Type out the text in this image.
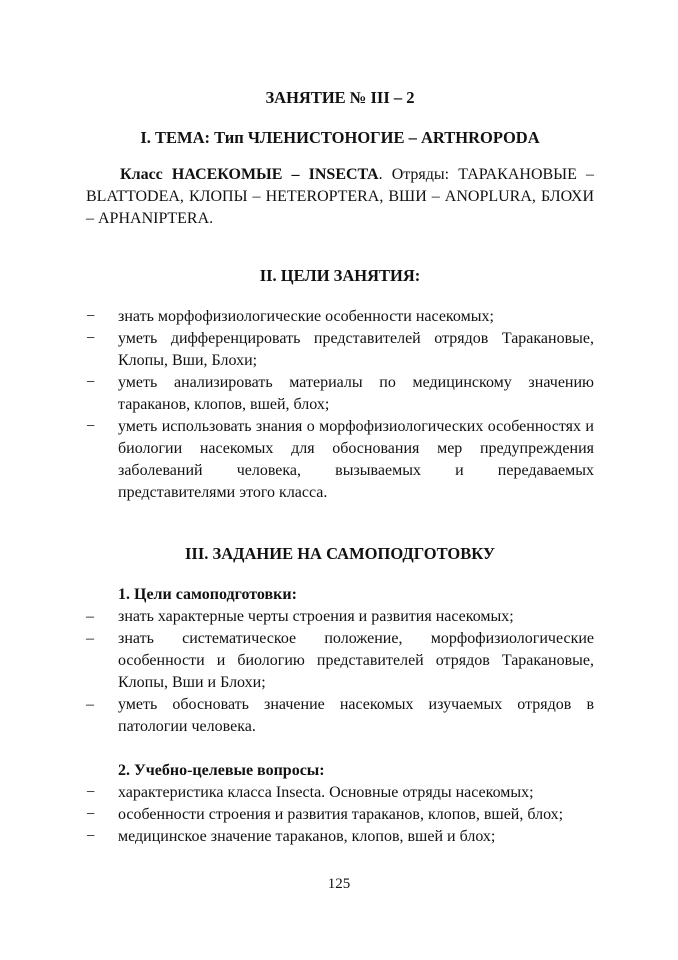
ЗАНЯТИЕ № III – 2

I. ТЕМА: Тип ЧЛЕНИСТОНОГИЕ – ARTHROPODA

Класс НАСЕКОМЫЕ – INSECTA. Отряды: ТАРАКАНОВЫЕ – BLATTODEA, КЛОПЫ – HETEROPTERA, ВШИ – ANOPLURA, БЛОХИ – APHANIPTERA.

II. ЦЕЛИ ЗАНЯТИЯ:
−	знать морфофизиологические особенности насекомых;
−	уметь дифференцировать представителей отрядов Таракановые, Клопы, Вши, Блохи;
−	уметь анализировать материалы по медицинскому значению тараканов, клопов, вшей, блох;
−	уметь использовать знания о морфофизиологических особенностях и биологии насекомых для обоснования мер предупреждения заболеваний человека, вызываемых и передаваемых представителями этого класса.
III. ЗАДАНИЕ НА САМОПОДГОТОВКУ

1. Цели самоподготовки:

–	знать характерные черты строения и развития насекомых;
–	знать систематическое положение, морфофизиологические особенности и биологию представителей отрядов Таракановые, Клопы, Вши и Блохи;
–	уметь обосновать значение насекомых изучаемых отрядов в патологии человека.

2. Учебно-целевые вопросы:

−	характеристика класса Insecta. Основные отряды насекомых;
−	особенности строения и развития тараканов, клопов, вшей, блох;
−	медицинское значение тараканов, клопов, вшей и блох;
125
